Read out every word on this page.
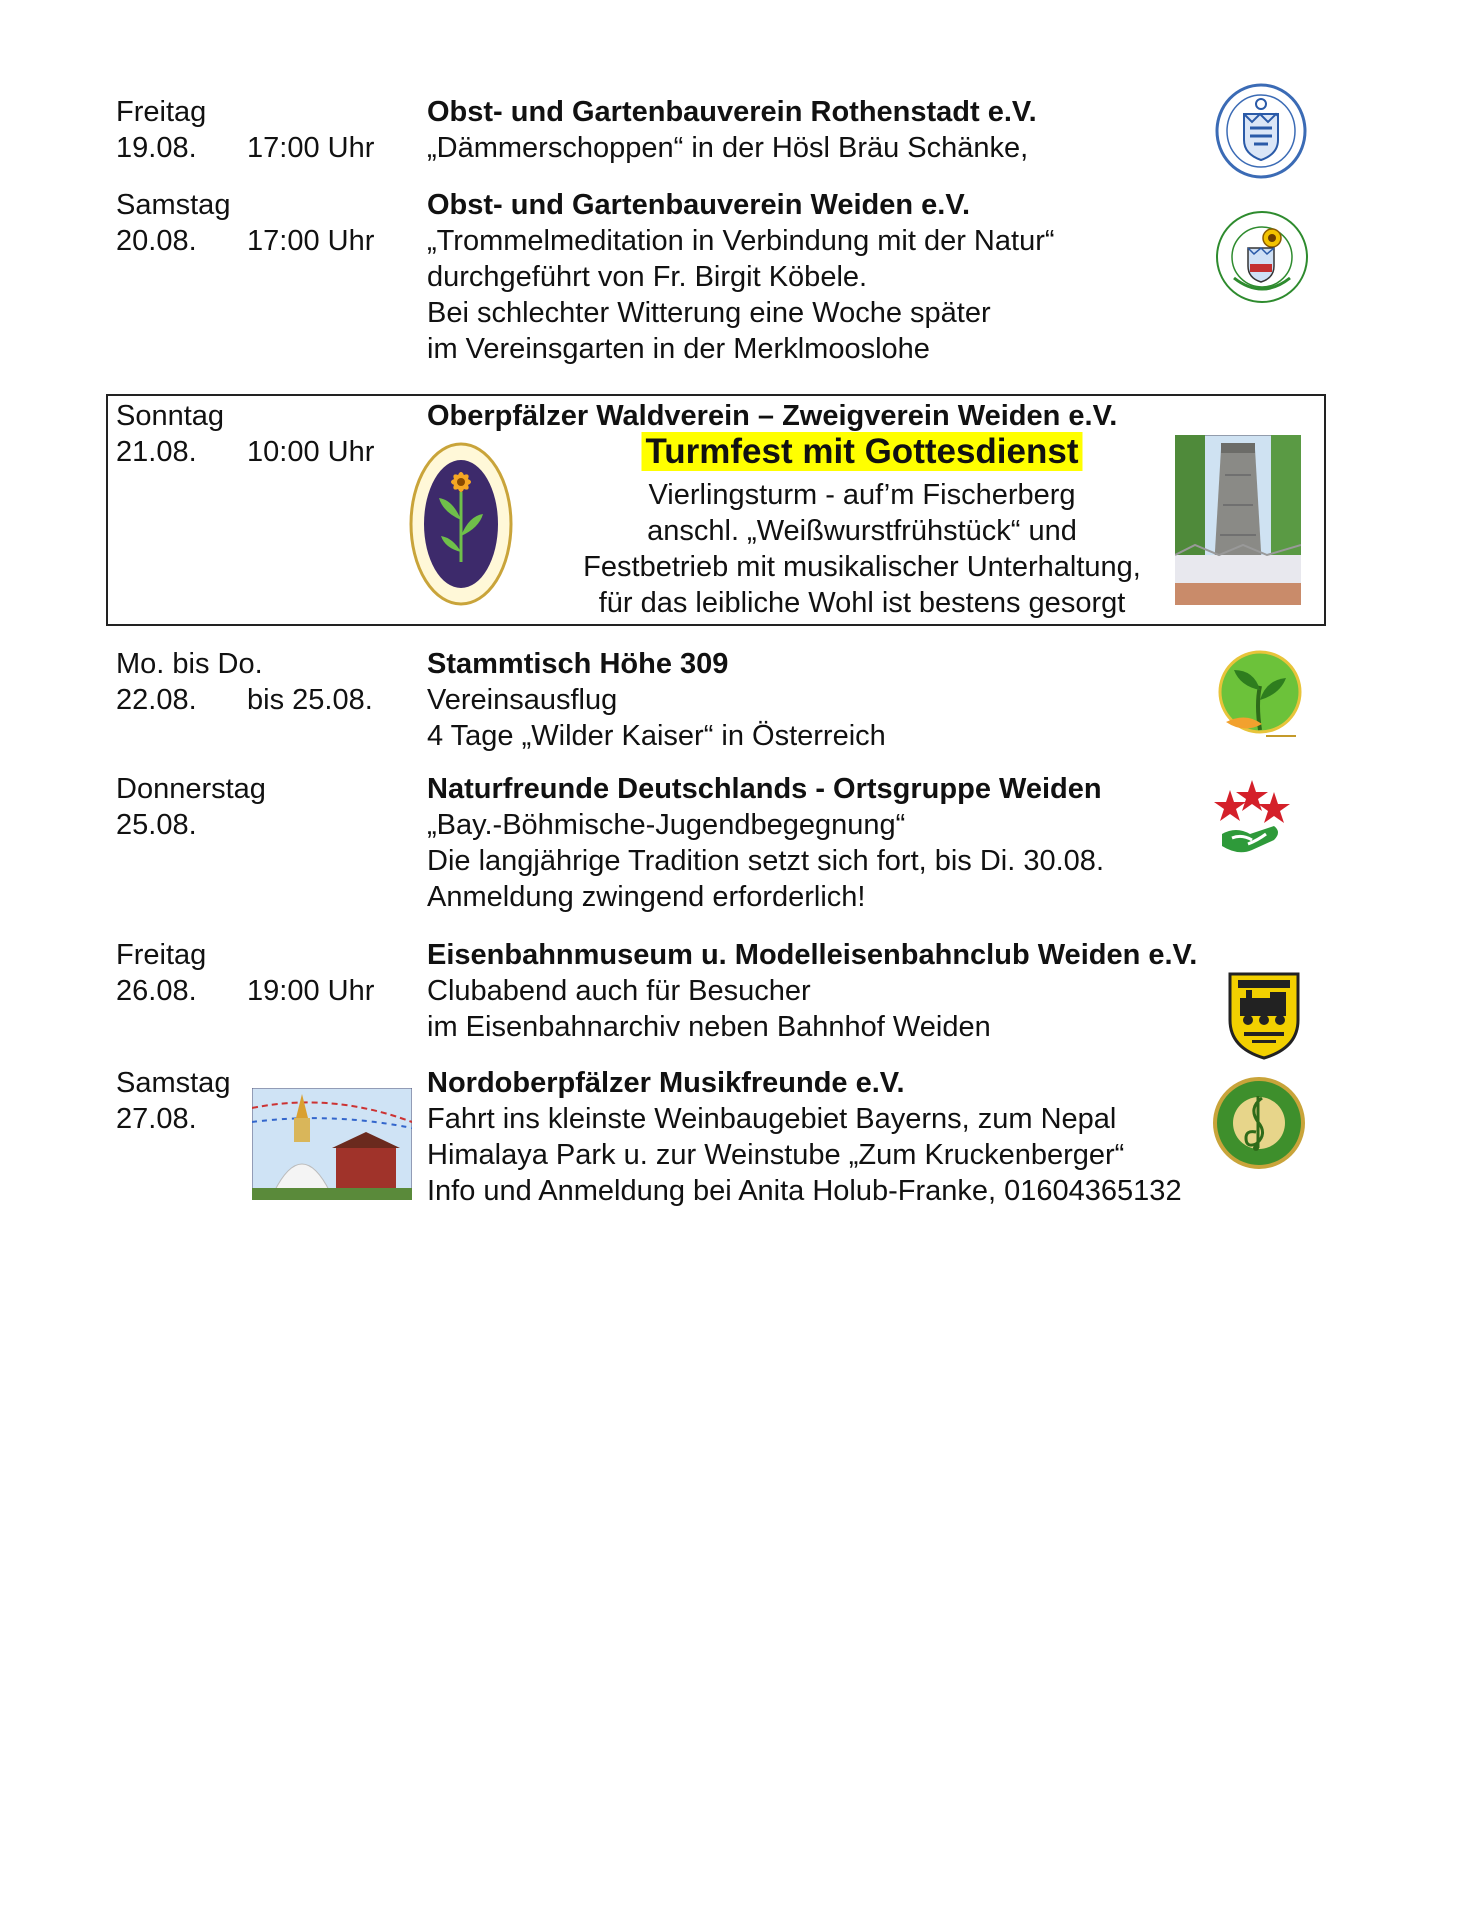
Freitag
19.08. 17:00 Uhr
Obst- und Gartenbauverein Rothenstadt e.V.
„Dämmerschoppen“ in der Hösl Bräu Schänke,
Samstag
20.08. 17:00 Uhr
Obst- und Gartenbauverein Weiden e.V.
„Trommelmeditation in Verbindung mit der Natur“
durchgeführt von Fr. Birgit Köbele.
Bei schlechter Witterung eine Woche später
im Vereinsgarten in der Merklmooslohe
Sonntag
21.08. 10:00 Uhr
Oberpfälzer Waldverein – Zweigverein Weiden e.V.
Turmfest mit Gottesdienst
Vierlingsturm - auf’m Fischerberg
anschl. „Weißwurstfrühstück“ und
Festbetrieb mit musikalischer Unterhaltung,
für das leibliche Wohl ist bestens gesorgt
Mo. bis Do.
22.08. bis 25.08.
Stammtisch Höhe 309
Vereinsausflug
4 Tage „Wilder Kaiser“ in Österreich
Donnerstag
25.08.
Naturfreunde Deutschlands - Ortsgruppe Weiden
„Bay.-Böhmische-Jugendbegegnung“
Die langjährige Tradition setzt sich fort, bis Di. 30.08.
Anmeldung zwingend erforderlich!
Freitag
26.08. 19:00 Uhr
Eisenbahnmuseum u. Modelleisenbahnclub Weiden e.V.
Clubabend auch für Besucher
im Eisenbahnarchiv neben Bahnhof Weiden
Samstag
27.08.
Nordoberpfälzer Musikfreunde e.V.
Fahrt ins kleinste Weinbaugebiet Bayerns, zum Nepal
Himalaya Park u. zur Weinstube „Zum Kruckenberger“
Info und Anmeldung bei Anita Holub-Franke, 01604365132
